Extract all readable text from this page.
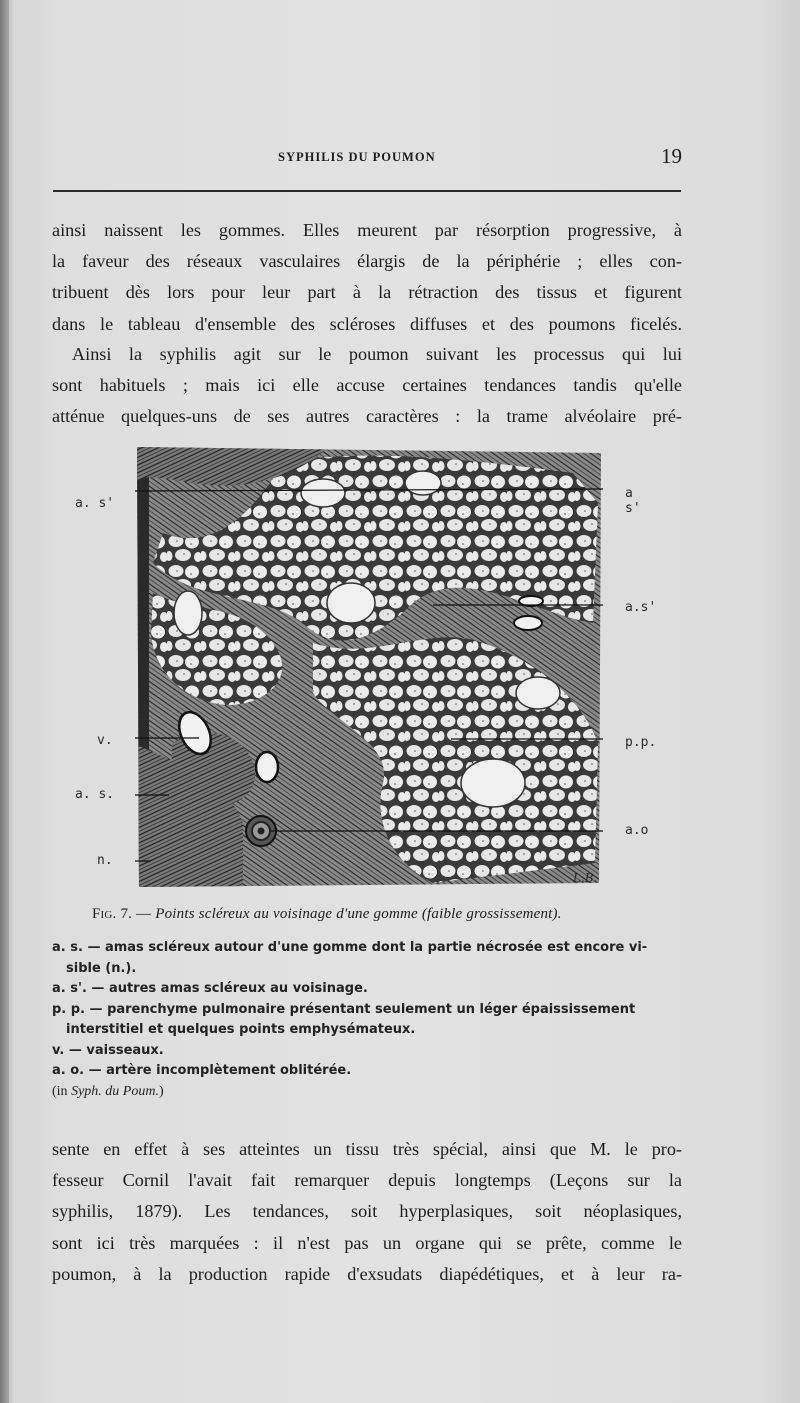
SYPHILIS DU POUMON	19
ainsi naissent les gommes. Elles meurent par résorption progressive, à
la faveur des réseaux vasculaires élargis de la périphérie ; elles con-
tribuent dès lors pour leur part à la rétraction des tissus et figurent
dans le tableau d'ensemble des scléroses diffuses et des poumons ficelés.
Ainsi la syphilis agit sur le poumon suivant les processus qui lui
sont habituels ; mais ici elle accuse certaines tendances tandis qu'elle
atténue quelques-uns de ses autres caractères : la trame alvéolaire pré-
a. s'
v.
a. s.
n.
a s'
a.s'
p.p.
a.o
L.B.
Fig. 7. — Points scléreux au voisinage d'une gomme (faible grossissement).
a. s. — amas scléreux autour d'une gomme dont la partie nécrosée est encore vi-
sible (n.).
a. s'. — autres amas scléreux au voisinage.
p. p. — parenchyme pulmonaire présentant seulement un léger épaississement
interstitiel et quelques points emphysémateux.
v. — vaisseaux.
a. o. — artère incomplètement oblitérée.
(in Syph. du Poum.)
sente en effet à ses atteintes un tissu très spécial, ainsi que M. le pro-
fesseur Cornil l'avait fait remarquer depuis longtemps (Leçons sur la
syphilis, 1879). Les tendances, soit hyperplasiques, soit néoplasiques,
sont ici très marquées : il n'est pas un organe qui se prête, comme le
poumon, à la production rapide d'exsudats diapédétiques, et à leur ra-
